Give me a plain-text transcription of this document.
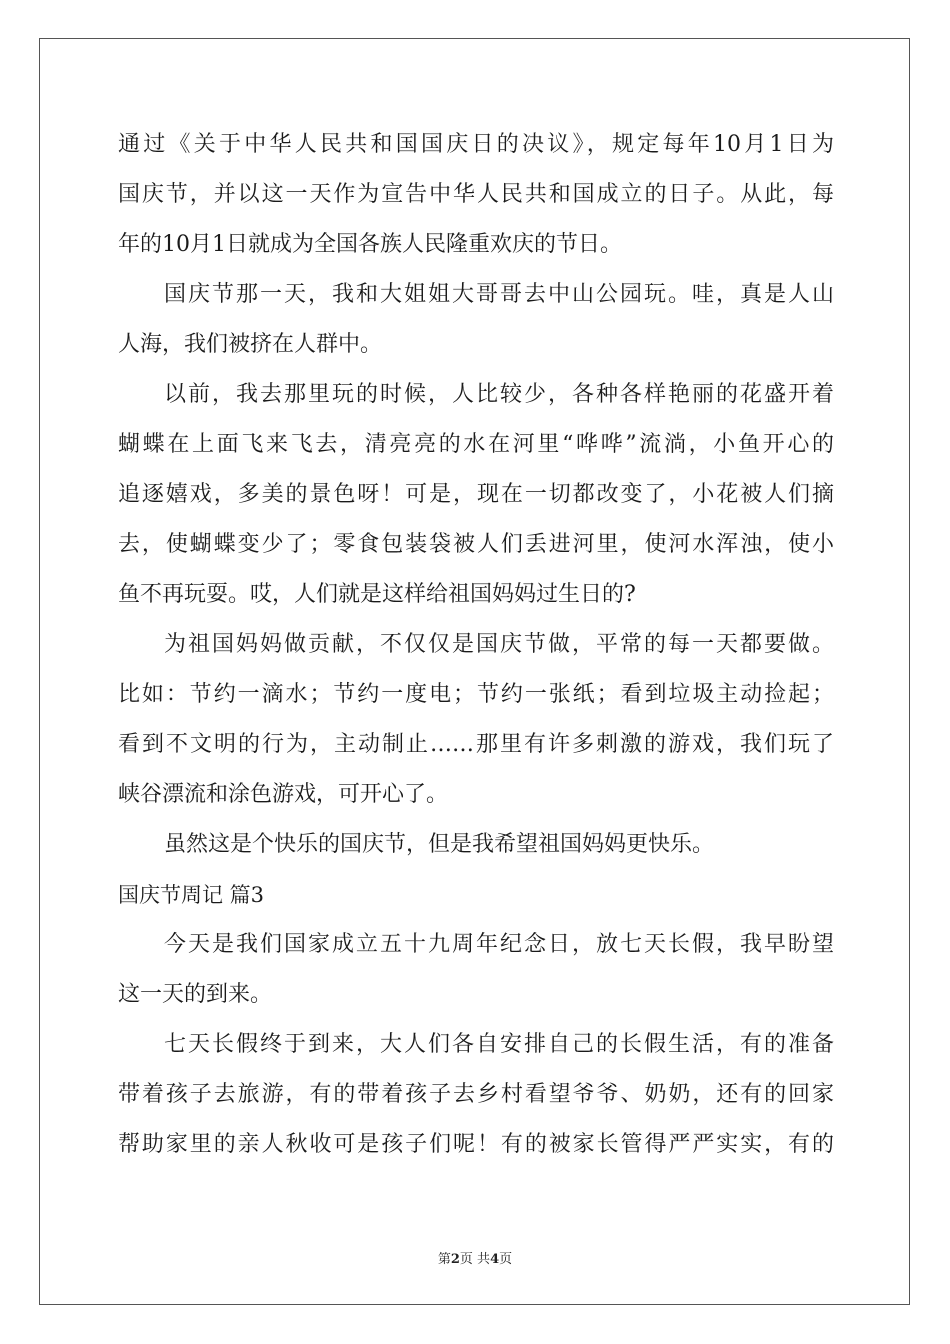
通过《关于中华人民共和国国庆日的决议》，规定每年10月1日为
国庆节，并以这一天作为宣告中华人民共和国成立的日子。从此，每
年的10月1日就成为全国各族人民隆重欢庆的节日。
国庆节那一天，我和大姐姐大哥哥去中山公园玩。哇，真是人山
人海，我们被挤在人群中。
以前，我去那里玩的时候，人比较少，各种各样艳丽的花盛开着
蝴蝶在上面飞来飞去，清亮亮的水在河里“哗哗”流淌，小鱼开心的
追逐嬉戏，多美的景色呀！可是，现在一切都改变了，小花被人们摘
去，使蝴蝶变少了；零食包装袋被人们丢进河里，使河水浑浊，使小
鱼不再玩耍。哎，人们就是这样给祖国妈妈过生日的?
为祖国妈妈做贡献，不仅仅是国庆节做，平常的每一天都要做。
比如：节约一滴水；节约一度电；节约一张纸；看到垃圾主动捡起；
看到不文明的行为，主动制止……那里有许多刺激的游戏，我们玩了
峡谷漂流和涂色游戏，可开心了。
虽然这是个快乐的国庆节，但是我希望祖国妈妈更快乐。
国庆节周记 篇3
今天是我们国家成立五十九周年纪念日，放七天长假，我早盼望
这一天的到来。
七天长假终于到来，大人们各自安排自己的长假生活，有的准备
带着孩子去旅游，有的带着孩子去乡村看望爷爷、奶奶，还有的回家
帮助家里的亲人秋收可是孩子们呢！有的被家长管得严严实实，有的
第2页 共4页
